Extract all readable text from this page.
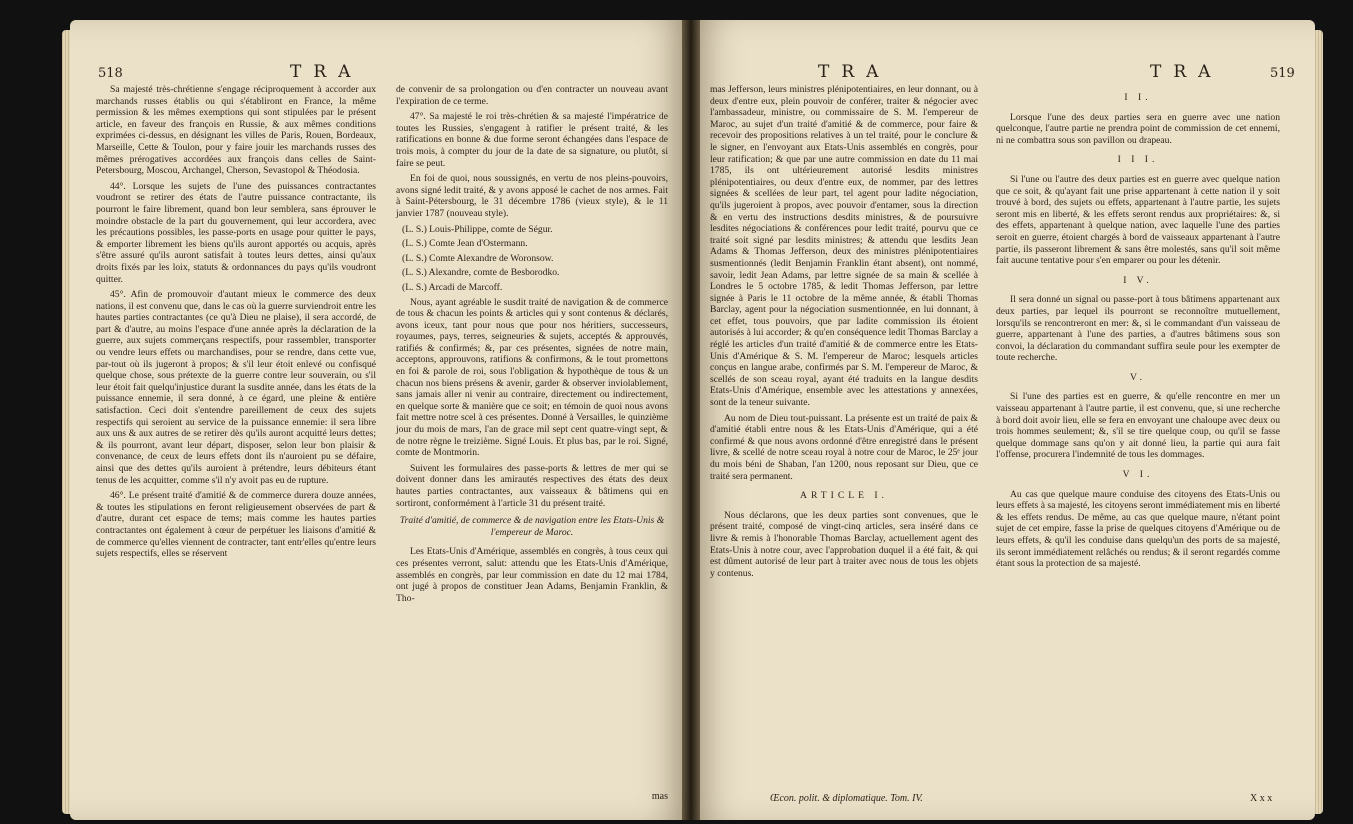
518	TRA

Sa majesté très-chrétienne s'engage réciproquement à accorder aux marchands russes établis ou qui s'établiront en France, la même permission & les mêmes exemptions qui sont stipulées par le présent article, en faveur des françois en Russie, & aux mêmes conditions exprimées ci-dessus, en désignant les villes de Paris, Rouen, Bordeaux, Marseille, Cette & Toulon, pour y faire jouir les marchands russes des mêmes prérogatives accordées aux françois dans celles de Saint-Petersbourg, Moscou, Archangel, Cherson, Sevastopol & Théodosia.

44°. Lorsque les sujets de l'une des puissances contractantes voudront se retirer des états de l'autre puissance contractante, ils pourront le faire librement, quand bon leur semblera, sans éprouver le moindre obstacle de la part du gouvernement, qui leur accordera, avec les précautions possibles, les passe-ports en usage pour quitter le pays, & emporter librement les biens qu'ils auront apportés ou acquis, après s'être assuré qu'ils auront satisfait à toutes leurs dettes, ainsi qu'aux droits fixés par les loix, statuts & ordonnances du pays qu'ils voudront quitter.

45°. Afin de promouvoir d'autant mieux le commerce des deux nations, il est convenu que, dans le cas où la guerre surviendroit entre les hautes parties contractantes (ce qu'à Dieu ne plaise), il sera accordé, de part & d'autre, au moins l'espace d'une année après la déclaration de la guerre, aux sujets commerçans respectifs, pour rassembler, transporter ou vendre leurs effets ou marchandises, pour se rendre, dans cette vue, par-tout où ils jugeront à propos; & s'il leur étoit enlevé ou confisqué quelque chose, sous prétexte de la guerre contre leur souverain, ou s'il leur étoit fait quelqu'injustice durant la susdite année, dans les états de la puissance ennemie, il sera donné, à ce égard, une pleine & entière satisfaction. Ceci doit s'entendre pareillement de ceux des sujets respectifs qui seroient au service de la puissance ennemie: il sera libre aux uns & aux autres de se retirer dès qu'ils auront acquitté leurs dettes; & ils pourront, avant leur départ, disposer, selon leur bon plaisir & convenance, de ceux de leurs effets dont ils n'auroient pu se défaire, ainsi que des dettes qu'ils auroient à prétendre, leurs débiteurs étant tenus de les acquitter, comme s'il n'y avoit pas eu de rupture.

46°. Le présent traité d'amitié & de commerce durera douze années, & toutes les stipulations en feront religieusement observées de part & d'autre, durant cet espace de tems; mais comme les hautes parties contractantes ont également à cœur de perpétuer les liaisons d'amitié & de commerce qu'elles viennent de contracter, tant entr'elles qu'entre leurs sujets respectifs, elles se réservent

de convenir de sa prolongation ou d'en contracter un nouveau avant l'expiration de ce terme.

47°. Sa majesté le roi très-chrétien & sa majesté l'impératrice de toutes les Russies, s'engagent à ratifier le présent traité, & les ratifications en bonne & due forme seront échangées dans l'espace de trois mois, à compter du jour de la date de sa signature, ou plutôt, si faire se peut.

En foi de quoi, nous soussignés, en vertu de nos pleins-pouvoirs, avons signé ledit traité, & y avons apposé le cachet de nos armes. Fait à Saint-Pétersbourg, le 31 décembre 1786 (vieux style), & le 11 janvier 1787 (nouveau style).

(L. S.) Louis-Philippe, comte de Ségur.

(L. S.) Comte Jean d'Ostermann.

(L. S.) Comte Alexandre de Woronsow.

(L. S.) Alexandre, comte de Besborodko.

(L. S.) Arcadi de Marcoff.

Nous, ayant agréable le susdit traité de navigation & de commerce de tous & chacun les points & articles qui y sont contenus & déclarés, avons iceux, tant pour nous que pour nos héritiers, successeurs, royaumes, pays, terres, seigneuries & sujets, acceptés & approuvés, ratifiés & confirmés; &, par ces présentes, signées de notre main, acceptons, approuvons, ratifions & confirmons, & le tout promettons en foi & parole de roi, sous l'obligation & hypothèque de tous & un chacun nos biens présens & avenir, garder & observer inviolablement, sans jamais aller ni venir au contraire, directement ou indirectement, en quelque sorte & manière que ce soit; en témoin de quoi nous avons fait mettre notre scel à ces présentes. Donné à Versailles, le quinzième jour du mois de mars, l'an de grace mil sept cent quatre-vingt sept, & de notre règne le treizième. Signé Louis. Et plus bas, par le roi. Signé, comte de Montmorin.

Suivent les formulaires des passe-ports & lettres de mer qui se doivent donner dans les amirautés respectives des états des deux hautes parties contractantes, aux vaisseaux & bâtimens qui en sortiront, conformément à l'article 31 du présent traité.

Traité d'amitié, de commerce & de navigation entre les Etats-Unis & l'empereur de Maroc.

Les Etats-Unis d'Amérique, assemblés en congrès, à tous ceux qui ces présentes verront, salut: attendu que les Etats-Unis d'Amérique, assemblés en congrès, par leur commission en date du 12 mai 1784, ont jugé à propos de constituer Jean Adams, Benjamin Franklin, & Tho-

mas
TRA	TRA	519

mas Jefferson, leurs ministres plénipotentiaires, en leur donnant, ou à deux d'entre eux, plein pouvoir de conférer, traiter & négocier avec l'ambassadeur, ministre, ou commissaire de S. M. l'empereur de Maroc, au sujet d'un traité d'amitié & de commerce, pour faire & recevoir des propositions relatives à un tel traité, pour le conclure & le signer, en l'envoyant aux Etats-Unis assemblés en congrès, pour leur ratification; & que par une autre commission en date du 11 mai 1785, ils ont ultérieurement autorisé lesdits ministres plénipotentiaires, ou deux d'entre eux, de nommer, par des lettres signées & scellées de leur part, tel agent pour ladite négociation, qu'ils jugeroient à propos, avec pouvoir d'entamer, sous la direction & en vertu des instructions desdits ministres, & de poursuivre lesdites négociations & conférences pour ledit traité, pourvu que ce traité soit signé par lesdits ministres; & attendu que lesdits Jean Adams & Thomas Jefferson, deux des ministres plénipotentiaires susmentionnés (ledit Benjamin Franklin étant absent), ont nommé, savoir, ledit Jean Adams, par lettre signée de sa main & scellée à Londres le 5 octobre 1785, & ledit Thomas Jefferson, par lettre signée à Paris le 11 octobre de la même année, & établi Thomas Barclay, agent pour la négociation susmentionnée, en lui donnant, à cet effet, tous pouvoirs, que par ladite commission ils étoient autorisés à lui accorder; & qu'en conséquence ledit Thomas Barclay a réglé les articles d'un traité d'amitié & de commerce entre les Etats-Unis d'Amérique & S. M. l'empereur de Maroc; lesquels articles conçus en langue arabe, confirmés par S. M. l'empereur de Maroc, & scellés de son sceau royal, ayant été traduits en la langue desdits Etats-Unis d'Amérique, ensemble avec les attestations y annexées, sont de la teneur suivante.

Au nom de Dieu tout-puissant. La présente est un traité de paix & d'amitié établi entre nous & les Etats-Unis d'Amérique, qui a été confirmé & que nous avons ordonné d'être enregistré dans le présent livre, & scellé de notre sceau royal à notre cour de Maroc, le 25ᵉ jour du mois béni de Shaban, l'an 1200, nous reposant sur Dieu, que ce traité sera permanent.

ARTICLE I.

Nous déclarons, que les deux parties sont convenues, que le présent traité, composé de vingt-cinq articles, sera inséré dans ce livre & remis à l'honorable Thomas Barclay, actuellement agent des Etats-Unis à notre cour, avec l'approbation duquel il a été fait, & qui est dûment autorisé de leur part à traiter avec nous de tous les objets y contenus.

I I.

Lorsque l'une des deux parties sera en guerre avec une nation quelconque, l'autre partie ne prendra point de commission de cet ennemi, ni ne combattra sous son pavillon ou drapeau.

I I I.

Si l'une ou l'autre des deux parties est en guerre avec quelque nation que ce soit, & qu'ayant fait une prise appartenant à cette nation il y soit trouvé à bord, des sujets ou effets, appartenant à l'autre partie, les sujets seront mis en liberté, & les effets seront rendus aux propriétaires: &, si des effets, appartenant à quelque nation, avec laquelle l'une des parties seroit en guerre, étoient chargés à bord de vaisseaux appartenant à l'autre partie, ils passeront librement & sans être molestés, sans qu'il soit même fait aucune tentative pour s'en emparer ou pour les détenir.

I V.

Il sera donné un signal ou passe-port à tous bâtimens appartenant aux deux parties, par lequel ils pourront se reconnoître mutuellement, lorsqu'ils se rencontreront en mer: &, si le commandant d'un vaisseau de guerre, appartenant à l'une des parties, a d'autres bâtimens sous son convoi, la déclaration du commandant suffira seule pour les exempter de toute recherche.

V.

Si l'une des parties est en guerre, & qu'elle rencontre en mer un vaisseau appartenant à l'autre partie, il est convenu, que, si une recherche à bord doit avoir lieu, elle se fera en envoyant une chaloupe avec deux ou trois hommes seulement; &, s'il se tire quelque coup, ou qu'il se fasse quelque dommage sans qu'on y ait donné lieu, la partie qui aura fait l'offense, procurera l'indemnité de tous les dommages.

V I.

Au cas que quelque maure conduise des citoyens des Etats-Unis ou leurs effets à sa majesté, les citoyens seront immédiatement mis en liberté & les effets rendus. De même, au cas que quelque maure, n'étant point sujet de cet empire, fasse la prise de quelques citoyens d'Amérique ou de leurs effets, & qu'il les conduise dans quelqu'un des ports de sa majesté, ils seront immédiatement relâchés ou rendus; & il seront regardés comme étant sous la protection de sa majesté.

Œcon. polit. & diplomatique. Tom. IV.	X x x
